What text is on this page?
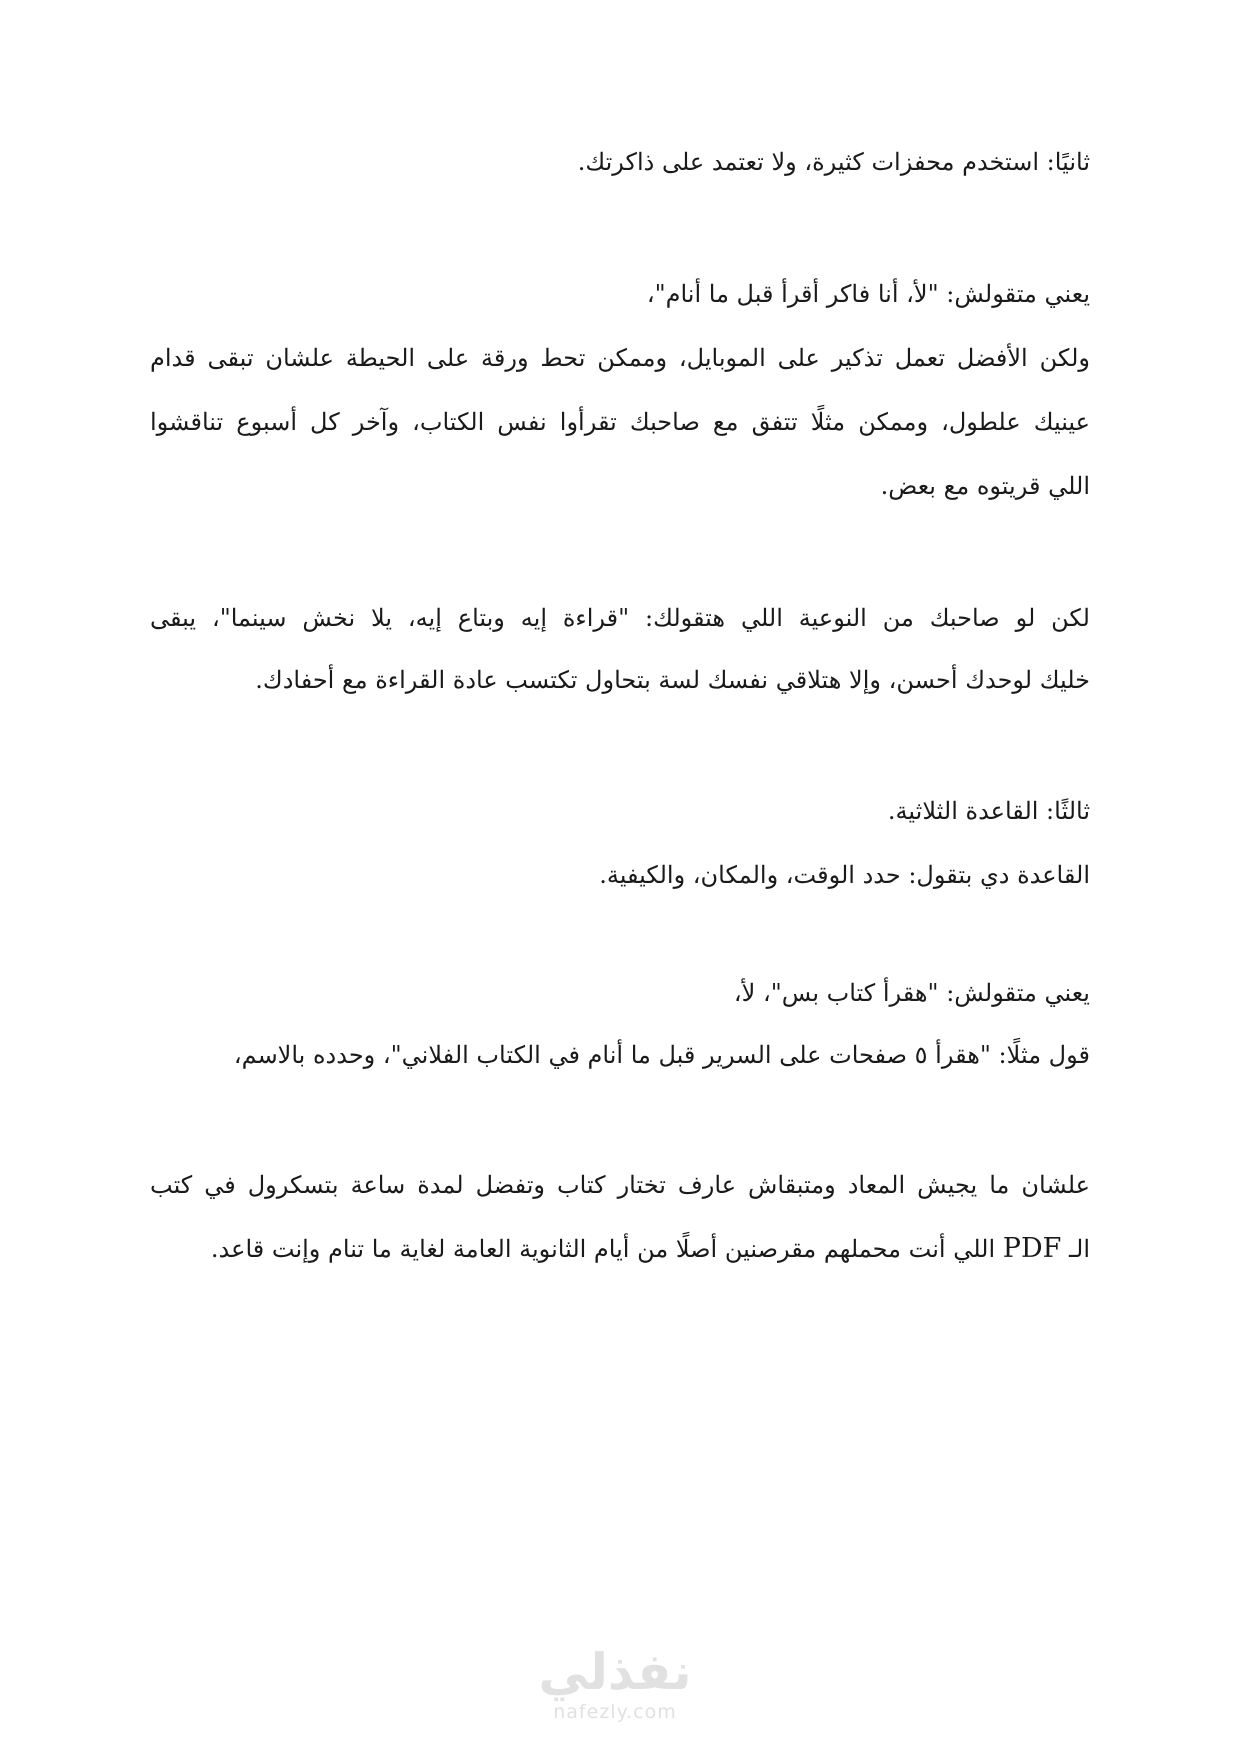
ثانيًا: استخدم محفزات كثيرة، ولا تعتمد على ذاكرتك.

يعني متقولش: "لأ، أنا فاكر أقرأ قبل ما أنام"،

ولكن الأفضل تعمل تذكير على الموبايل، وممكن تحط ورقة على الحيطة علشان تبقى قدام

عينيك علطول، وممكن مثلًا تتفق مع صاحبك تقرأوا نفس الكتاب، وآخر كل أسبوع تناقشوا

اللي قريتوه مع بعض.

لكن لو صاحبك من النوعية اللي هتقولك: "قراءة إيه وبتاع إيه، يلا نخش سينما"، يبقى

خليك لوحدك أحسن، وإلا هتلاقي نفسك لسة بتحاول تكتسب عادة القراءة مع أحفادك.

ثالثًا: القاعدة الثلاثية.

القاعدة دي بتقول: حدد الوقت، والمكان، والكيفية.

يعني متقولش: "هقرأ كتاب بس"، لأ،

قول مثلًا: "هقرأ ٥ صفحات على السرير قبل ما أنام في الكتاب الفلاني"، وحدده بالاسم،

علشان ما يجيش المعاد ومتبقاش عارف تختار كتاب وتفضل لمدة ساعة بتسكرول في كتب

الـ PDF اللي أنت محملهم مقرصنين أصلًا من أيام الثانوية العامة لغاية ما تنام وإنت قاعد.

نفذلي
nafezly.com
